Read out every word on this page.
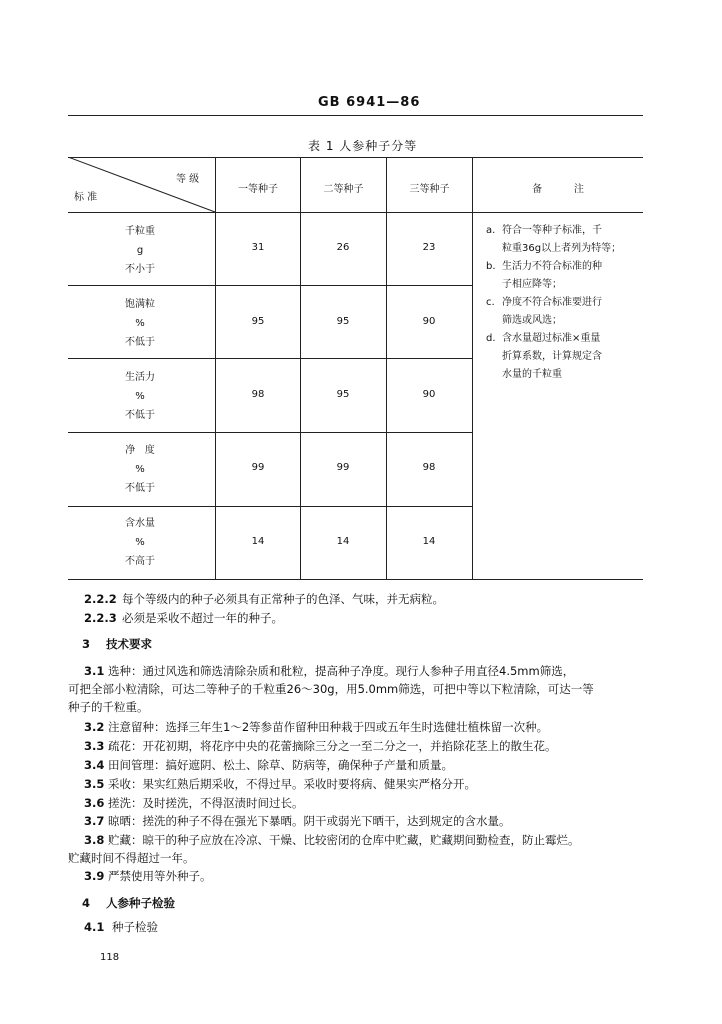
GB 6941—86
表 1 人参种子分等
等 级
标 准
一等种子	二等种子	三等种子	备          注
千粒重
g
不小于
31	26	23
饱满粒
%
不低于
95	95	90
生活力
%
不低于
98	95	90
净   度
%
不低于
99	99	98
含水量
%
不高于
14	14	14
a. 符合一等种子标准，千
粒重36g以上者列为特等；
b. 生活力不符合标准的种
子相应降等；
c. 净度不符合标准要进行
筛选或风选；
d. 含水量超过标准×重量
折算系数，计算规定含
水量的千粒重
2.2.2 每个等级内的种子必须具有正常种子的色泽、气味，并无病粒。
2.2.3 必须是采收不超过一年的种子。
3 技术要求
3.1 选种：通过风选和筛选清除杂质和秕粒，提高种子净度。现行人参种子用直径4.5mm筛选，
可把全部小粒清除，可达二等种子的千粒重26～30g，用5.0mm筛选，可把中等以下粒清除，可达一等
种子的千粒重。
3.2 注意留种：选择三年生1～2等参苗作留种田种栽于四或五年生时选健壮植株留一次种。
3.3 疏花：开花初期，将花序中央的花蕾摘除三分之一至二分之一，并掐除花茎上的散生花。
3.4 田间管理：搞好遮阴、松土、除草、防病等，确保种子产量和质量。
3.5 采收：果实红熟后期采收，不得过早。采收时要将病、健果实严格分开。
3.6 搓洗：及时搓洗，不得沤渍时间过长。
3.7 晾晒：搓洗的种子不得在强光下暴晒。阴干或弱光下晒干，达到规定的含水量。
3.8 贮藏：晾干的种子应放在冷凉、干燥、比较密闭的仓库中贮藏，贮藏期间勤检查，防止霉烂。
贮藏时间不得超过一年。
3.9 严禁使用等外种子。
4 人参种子检验
4.1 种子检验
118
